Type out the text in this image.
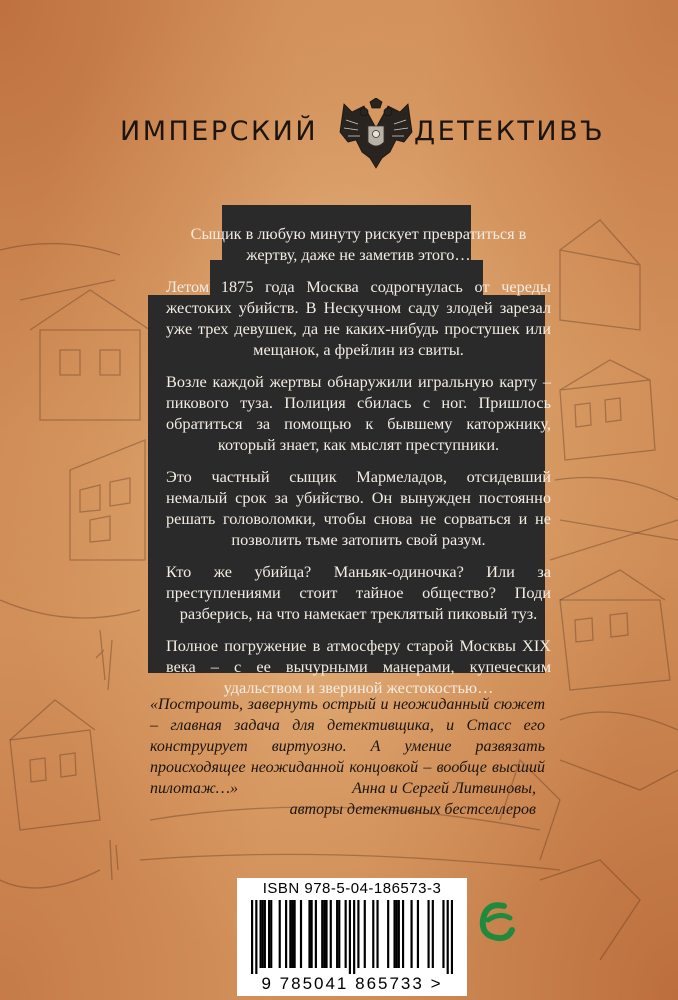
ИМПЕРСКИЙ	ДЕТЕКТИВЪ

Сыщик в любую минуту рискует превратиться в жертву, даже не заметив этого…

Летом 1875 года Москва содрогнулась от череды жестоких убийств. В Нескучном саду злодей зарезал уже трех девушек, да не каких-нибудь простушек или мещанок, а фрейлин из свиты.

Возле каждой жертвы обнаружили игральную карту – пикового туза. Полиция сбилась с ног. Пришлось обратиться за помощью к бывшему каторжнику, который знает, как мыслят преступники.

Это частный сыщик Мармеладов, отсидевший немалый срок за убийство. Он вынужден постоянно решать головоломки, чтобы снова не сорваться и не позволить тьме затопить свой разум.

Кто же убийца? Маньяк-одиночка? Или за преступлениями стоит тайное общество? Поди разберись, на что намекает треклятый пиковый туз.

Полное погружение в атмосферу старой Москвы XIX века – с ее вычурными манерами, купеческим удальством и звериной жестокостью…

«Построить, завернуть острый и неожиданный сюжет – главная задача для детективщика, и Стасс его конструирует виртуозно. А умение развязать происходящее неожиданной концовкой – вообще высший пилотаж…»	Анна и Сергей Литвиновы,
авторы детективных бестселлеров
ISBN 978-5-04-186573-3
9 785041 865733 >
